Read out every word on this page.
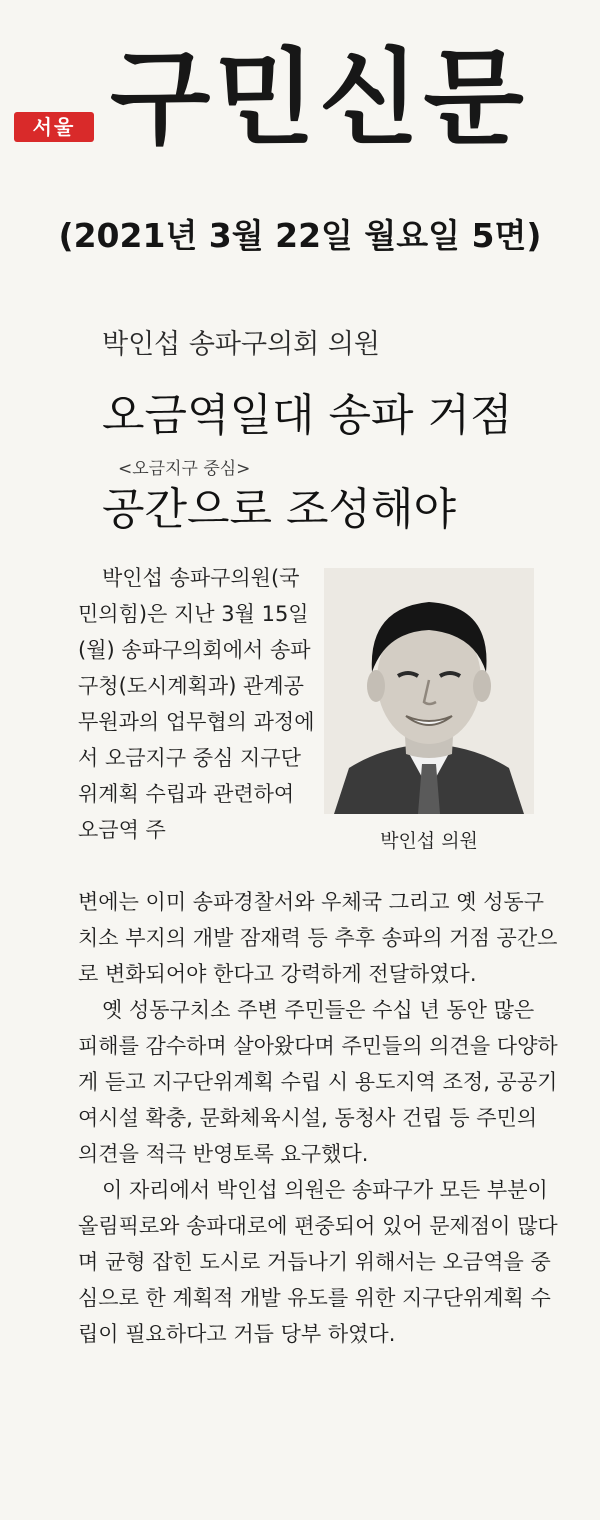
서울 구민신문
(2021년 3월 22일 월요일 5면)
박인섭 송파구의회 의원
오금역일대 송파 거점
<오금지구 중심>
공간으로 조성해야

박인섭 송파구의원(국민의힘)은 지난 3월 15일(월) 송파구의회에서 송파구청(도시계획과) 관계공무원과의 업무협의 과정에서 오금지구 중심 지구단위계획 수립과 관련하여 오금역 주	박인섭 의원

변에는 이미 송파경찰서와 우체국 그리고 옛 성동구치소 부지의 개발 잠재력 등 추후 송파의 거점 공간으로 변화되어야 한다고 강력하게 전달하였다.

옛 성동구치소 주변 주민들은 수십 년 동안 많은 피해를 감수하며 살아왔다며 주민들의 의견을 다양하게 듣고 지구단위계획 수립 시 용도지역 조정, 공공기여시설 확충, 문화체육시설, 동청사 건립 등 주민의 의견을 적극 반영토록 요구했다.

이 자리에서 박인섭 의원은 송파구가 모든 부분이 올림픽로와 송파대로에 편중되어 있어 문제점이 많다며 균형 잡힌 도시로 거듭나기 위해서는 오금역을 중심으로 한 계획적 개발 유도를 위한 지구단위계획 수립이 필요하다고 거듭 당부 하였다.
